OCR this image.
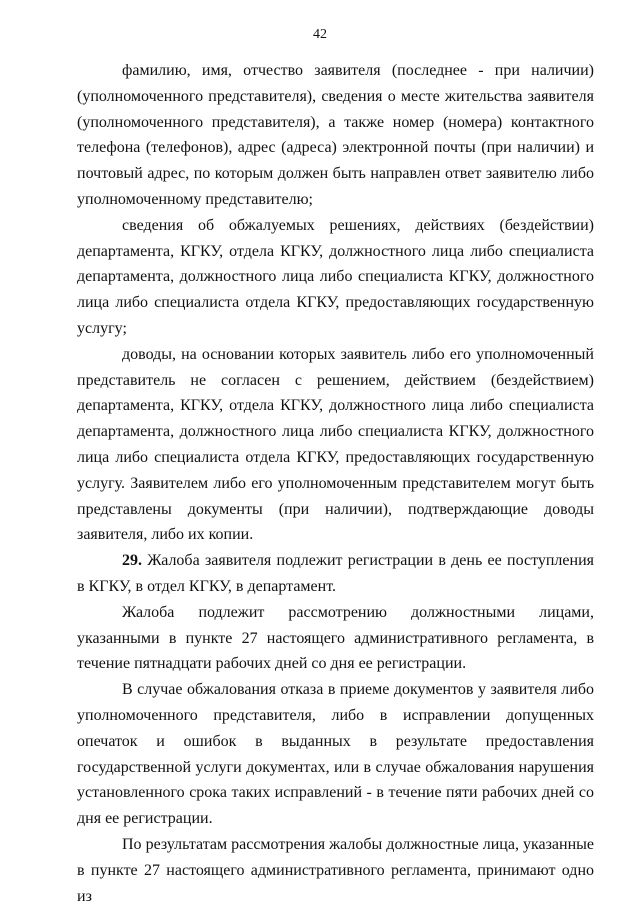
42

фамилию, имя, отчество заявителя (последнее - при наличии) (уполномоченного представителя), сведения о месте жительства заявителя (уполномоченного представителя), а также номер (номера) контактного телефона (телефонов), адрес (адреса) электронной почты (при наличии) и почтовый адрес, по которым должен быть направлен ответ заявителю либо уполномоченному представителю;

сведения об обжалуемых решениях, действиях (бездействии) департамента, КГКУ, отдела КГКУ, должностного лица либо специалиста департамента, должностного лица либо специалиста КГКУ, должностного лица либо специалиста отдела КГКУ, предоставляющих государственную услугу;

доводы, на основании которых заявитель либо его уполномоченный представитель не согласен с решением, действием (бездействием) департамента, КГКУ, отдела КГКУ, должностного лица либо специалиста департамента, должностного лица либо специалиста КГКУ, должностного лица либо специалиста отдела КГКУ, предоставляющих государственную услугу. Заявителем либо его уполномоченным представителем могут быть представлены документы (при наличии), подтверждающие доводы заявителя, либо их копии.

29. Жалоба заявителя подлежит регистрации в день ее поступления в КГКУ, в отдел КГКУ, в департамент.

Жалоба подлежит рассмотрению должностными лицами, указанными в пункте 27 настоящего административного регламента, в течение пятнадцати рабочих дней со дня ее регистрации.

В случае обжалования отказа в приеме документов у заявителя либо уполномоченного представителя, либо в исправлении допущенных опечаток и ошибок в выданных в результате предоставления государственной услуги документах, или в случае обжалования нарушения установленного срока таких исправлений - в течение пяти рабочих дней со дня ее регистрации.

По результатам рассмотрения жалобы должностные лица, указанные в пункте 27 настоящего административного регламента, принимают одно из
